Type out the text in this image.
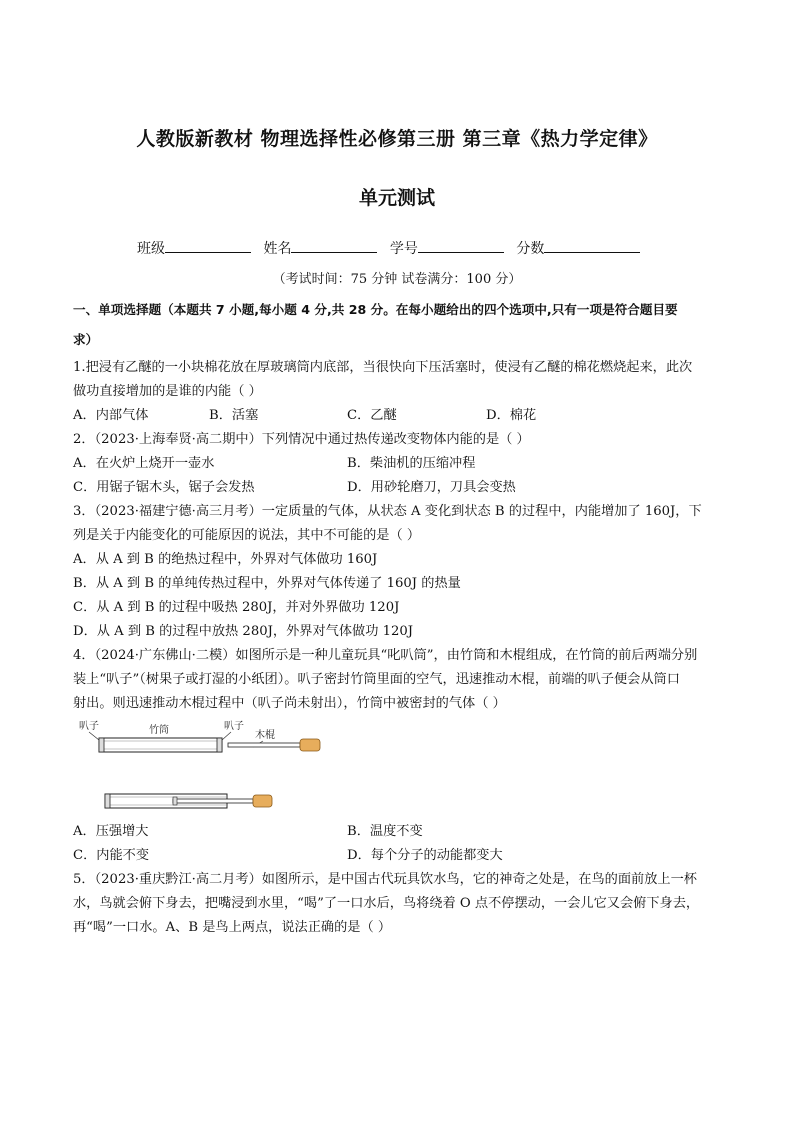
人教版新教材 物理选择性必修第三册 第三章《热力学定律》
单元测试
班级	姓名	学号	分数
（考试时间：75 分钟 试卷满分：100 分）
一、单项选择题（本题共 7 小题,每小题 4 分,共 28 分。在每小题给出的四个选项中,只有一项是符合题目要
求）
1.把浸有乙醚的一小块棉花放在厚玻璃筒内底部，当很快向下压活塞时，使浸有乙醚的棉花燃烧起来，此次
做功直接增加的是谁的内能（ ）
A．内部气体	B．活塞	C．乙醚	D．棉花
2．（2023·上海奉贤·高二期中）下列情况中通过热传递改变物体内能的是（ ）
A．在火炉上烧开一壶水	B．柴油机的压缩冲程
C．用锯子锯木头，锯子会发热	D．用砂轮磨刀，刀具会变热
3．（2023·福建宁德·高三月考）一定质量的气体，从状态 A 变化到状态 B 的过程中，内能增加了 160J，下
列是关于内能变化的可能原因的说法，其中不可能的是（ ）
A．从 A 到 B 的绝热过程中，外界对气体做功 160J
B．从 A 到 B 的单纯传热过程中，外界对气体传递了 160J 的热量
C．从 A 到 B 的过程中吸热 280J，并对外界做功 120J
D．从 A 到 B 的过程中放热 280J，外界对气体做功 120J
4．（2024·广东佛山·二模）如图所示是一种儿童玩具“叱叭筒”，由竹筒和木棍组成，在竹筒的前后两端分别
装上“叭子”（树果子或打湿的小纸团）。叭子密封竹筒里面的空气，迅速推动木棍，前端的叭子便会从筒口
射出。则迅速推动木棍过程中（叭子尚未射出），竹筒中被密封的气体（ ）
叭子	竹筒	叭子
木棍
A．压强增大	B．温度不变
C．内能不变	D．每个分子的动能都变大
5．（2023·重庆黔江·高二月考）如图所示，是中国古代玩具饮水鸟，它的神奇之处是，在鸟的面前放上一杯
水，鸟就会俯下身去，把嘴浸到水里，“喝”了一口水后，鸟将绕着 O 点不停摆动，一会儿它又会俯下身去，
再“喝”一口水。A、B 是鸟上两点，说法正确的是（ ）
